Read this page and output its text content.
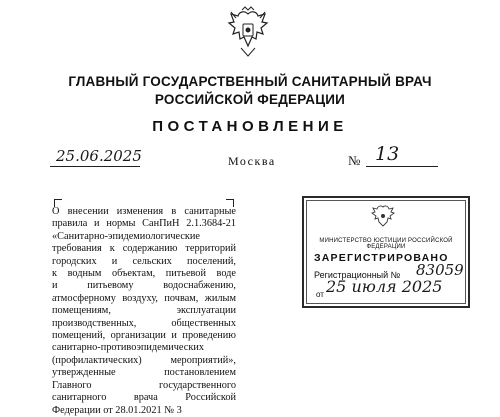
ГЛАВНЫЙ ГОСУДАРСТВЕННЫЙ САНИТАРНЫЙ ВРАЧ
РОССИЙСКОЙ ФЕДЕРАЦИИ
ПОСТАНОВЛЕНИЕ
25.06.2025	Москва	№ 13
О внесении изменения в санитарные
правила и нормы СанПиН 2.1.3684-21
«Санитарно-эпидемиологические
требования к содержанию территорий
городских и сельских поселений,
к водным объектам, питьевой воде
и питьевому водоснабжению,
атмосферному воздуху, почвам, жилым
помещениям, эксплуатации
производственных, общественных
помещений, организации и проведению
санитарно-противоэпидемических
(профилактических) мероприятий»,
утвержденные постановлением
Главного государственного
санитарного врача Российской
Федерации от 28.01.2021 № 3
МИНИСТЕРСТВО ЮСТИЦИИ РОССИЙСКОЙ ФЕДЕРАЦИИ
ЗАРЕГИСТРИРОВАНО
Регистрационный № 83059
от 25 июля 2025
